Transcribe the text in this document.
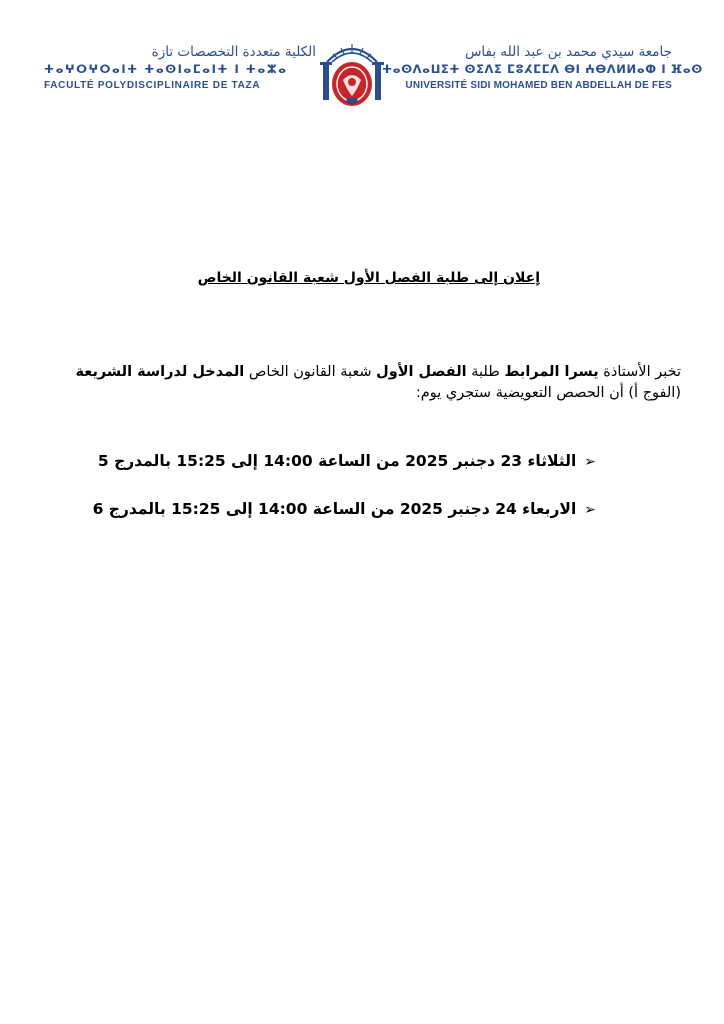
الكلية متعددة التخصصات تازة
ⵜⴰⵖⵔⵖⵔⴰⵏⵜ ⵜⴰⵙⵏⴰⵎⴰⵏⵜ ⵏ ⵜⴰⵣⴰ
FACULTÉ POLYDISCIPLINAIRE DE TAZA
جامعة سيدي محمد بن عبد الله بفاس
ⵜⴰⵙⴷⴰⵡⵉⵜ ⵙⵉⴷⵉ ⵎⵓⵃⵎⵎⴷ ⴱⵏ ⵄⴱⴷⵍⵍⴰⵀ ⵏ ⴼⴰⵙ
UNIVERSITÉ SIDI MOHAMED BEN ABDELLAH DE FES
إعلان إلى طلبة الفصل الأول شعبة القانون الخاص
تخبر الأستاذة يسرا المرابط طلبة الفصل الأول شعبة القانون الخاص المدخل لدراسة الشريعة (الفوج أ) أن الحصص التعويضية ستجري يوم:
➢الثلاثاء 23 دجنبر 2025 من الساعة 14:00 إلى 15:25 بالمدرج 5
➢الاربعاء 24 دجنبر 2025 من الساعة 14:00 إلى 15:25 بالمدرج 6
